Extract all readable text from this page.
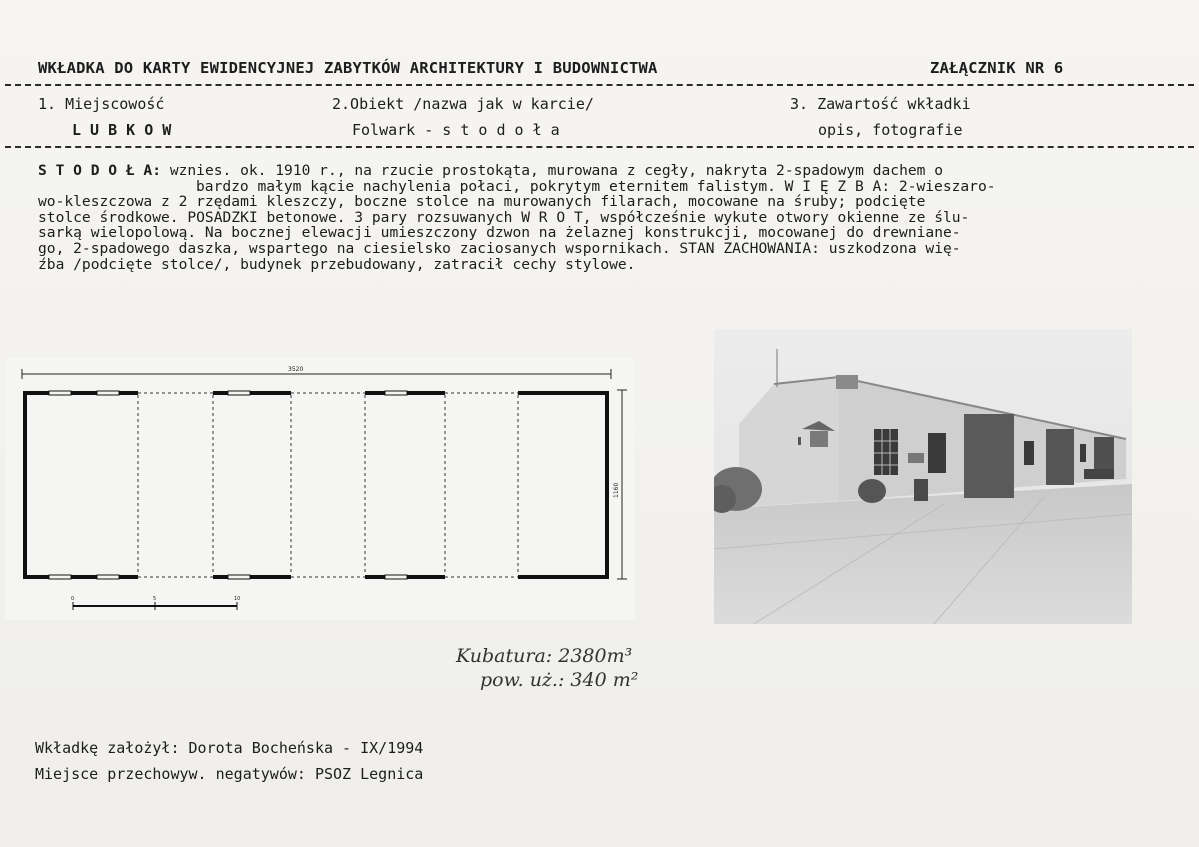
WKŁADKA DO KARTY EWIDENCYJNEJ ZABYTKÓW ARCHITEKTURY I BUDOWNICTWA	ZAŁĄCZNIK NR 6
1. Miejscowość
L U B K O W
2.Obiekt /nazwa jak w karcie/
Folwark - s t o d o ł a
3. Zawartość wkładki
opis, fotografie
S T O D O Ł A: wznies. ok. 1910 r., na rzucie prostokąta, murowana z cegły, nakryta 2-spadowym dachem o
bardzo małym kącie nachylenia połaci, pokrytym eternitem falistym. W I Ę Z B A: 2-wieszaro-
wo-kleszczowa z 2 rzędami kleszczy, boczne stolce na murowanych filarach, mocowane na śruby; podcięte
stolce środkowe. POSADZKI betonowe. 3 pary rozsuwanych W R O T, współcześnie wykute otwory okienne ze ślu-
sarką wielopolową. Na bocznej elewacji umieszczony dzwon na żelaznej konstrukcji, mocowanej do drewniane-
go, 2-spadowego daszka, wspartego na ciesielsko zaciosanych wspornikach. STAN ZACHOWANIA: uszkodzona wię-
źba /podcięte stolce/, budynek przebudowany, zatracił cechy stylowe.
3520
1160
0	5	10
Kubatura: 2380m³
pow. uż.: 340 m²
Wkładkę założył: Dorota Bocheńska - IX/1994
Miejsce przechowyw. negatywów: PSOZ Legnica
